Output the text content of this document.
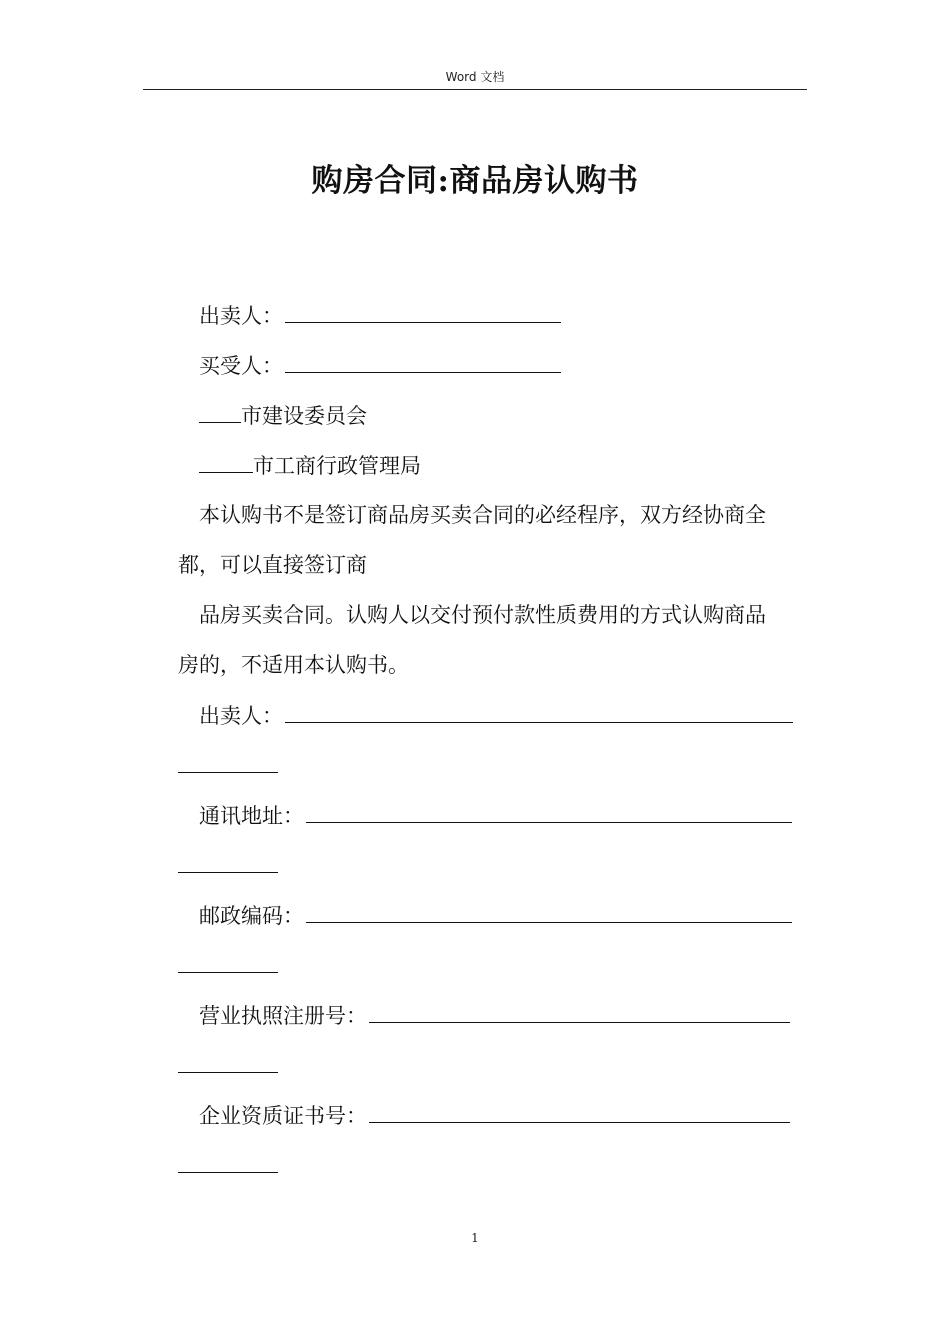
Word 文档
购房合同:商品房认购书
出卖人：
买受人：
市建设委员会
市工商行政管理局
本认购书不是签订商品房买卖合同的必经程序，双方经协商全
都，可以直接签订商
品房买卖合同。认购人以交付预付款性质费用的方式认购商品
房的，不适用本认购书。
出卖人：
通讯地址：
邮政编码：
营业执照注册号：
企业资质证书号：
1
